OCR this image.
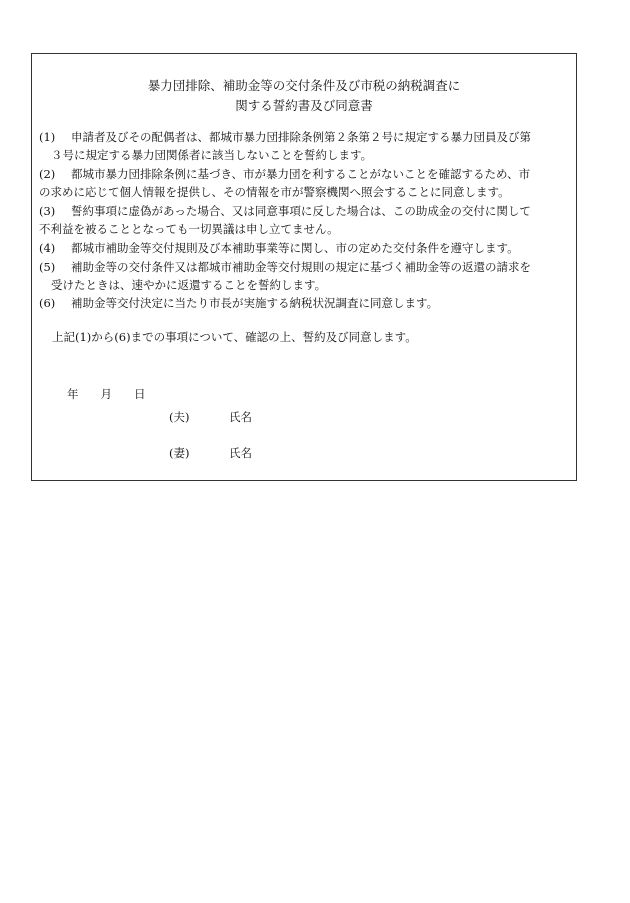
暴力団排除、補助金等の交付条件及び市税の納税調査に
関する誓約書及び同意書
(1) 申請者及びその配偶者は、都城市暴力団排除条例第２条第２号に規定する暴力団員及び第
３号に規定する暴力団関係者に該当しないことを誓約します。
(2) 都城市暴力団排除条例に基づき、市が暴力団を利することがないことを確認するため、市
の求めに応じて個人情報を提供し、その情報を市が警察機関へ照会することに同意します。
(3) 誓約事項に虚偽があった場合、又は同意事項に反した場合は、この助成金の交付に関して
不利益を被ることとなっても一切異議は申し立てません。
(4) 都城市補助金等交付規則及び本補助事業等に関し、市の定めた交付条件を遵守します。
(5) 補助金等の交付条件又は都城市補助金等交付規則の規定に基づく補助金等の返還の請求を
受けたときは、速やかに返還することを誓約します。
(6) 補助金等交付決定に当たり市長が実施する納税状況調査に同意します。
上記(1)から(6)までの事項について、確認の上、誓約及び同意します。
年 月 日
(夫)	氏名
(妻)	氏名
